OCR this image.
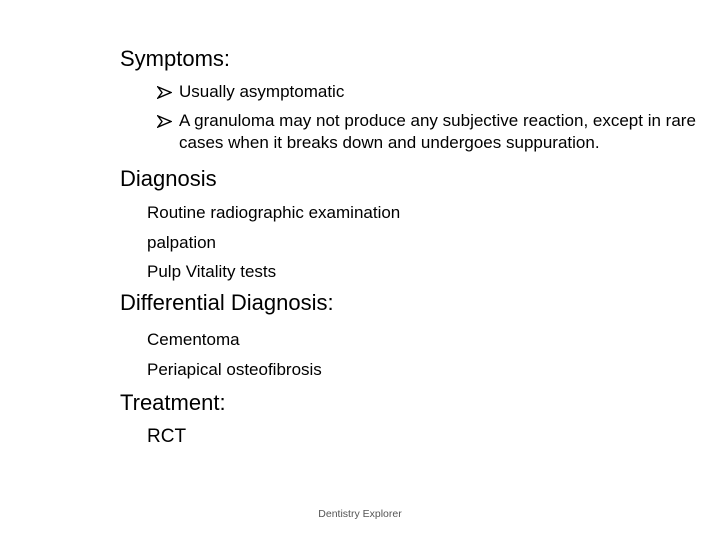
Symptoms:
Usually asymptomatic
A granuloma may not produce any subjective reaction, except in rare cases when it breaks down and undergoes suppuration.
Diagnosis
Routine radiographic examination
palpation
Pulp Vitality tests
Differential Diagnosis:
Cementoma
Periapical osteofibrosis
Treatment:
RCT
Dentistry Explorer
